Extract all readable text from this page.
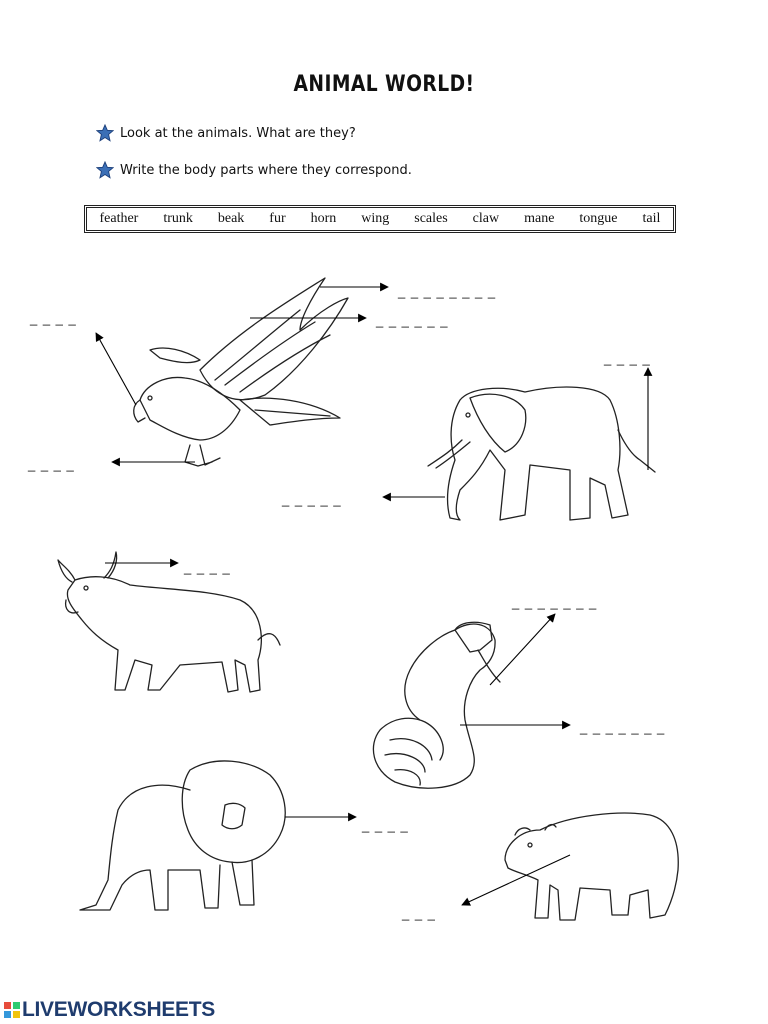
ANIMAL WORLD!
Look at the animals. What are they?
Write the body parts where they correspond.
feather trunk beak fur horn wing scales claw mane tongue tail
_ _ _ _ _ _ _ _
_ _ _ _ _ _
_ _ _ _
_ _ _ _
_ _ _ _
_ _ _ _ _
_ _ _ _
_ _ _ _ _ _ _
_ _ _ _ _ _ _
_ _ _ _
_ _ _
LIVEWORKSHEETS
